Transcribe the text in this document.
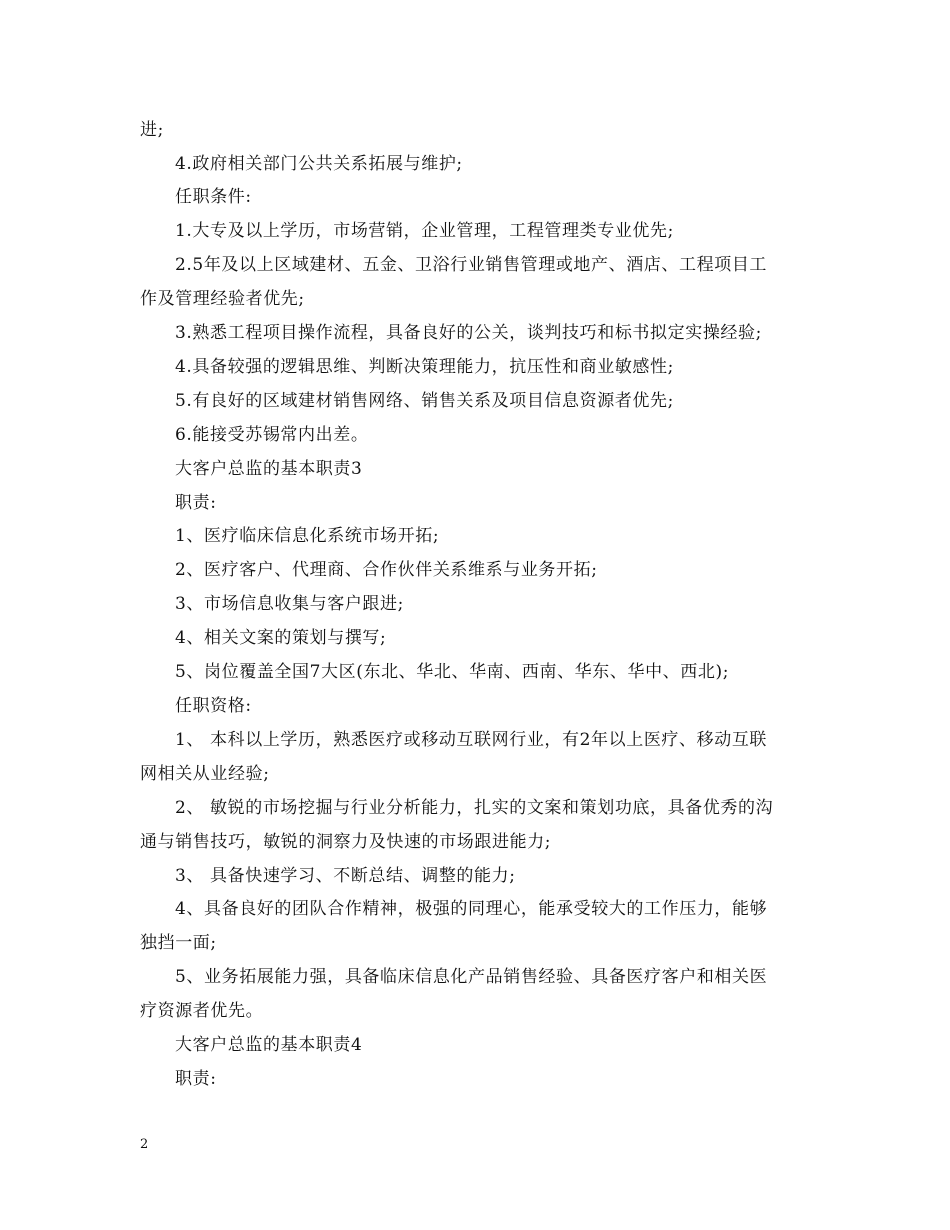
进;
4.政府相关部门公共关系拓展与维护;
任职条件:
1.大专及以上学历，市场营销，企业管理，工程管理类专业优先;
2.5年及以上区域建材、五金、卫浴行业销售管理或地产、酒店、工程项目工
作及管理经验者优先;
3.熟悉工程项目操作流程，具备良好的公关，谈判技巧和标书拟定实操经验;
4.具备较强的逻辑思维、判断决策理能力，抗压性和商业敏感性;
5.有良好的区域建材销售网络、销售关系及项目信息资源者优先;
6.能接受苏锡常内出差。
大客户总监的基本职责3
职责:
1、医疗临床信息化系统市场开拓;
2、医疗客户、代理商、合作伙伴关系维系与业务开拓;
3、市场信息收集与客户跟进;
4、相关文案的策划与撰写;
5、岗位覆盖全国7大区(东北、华北、华南、西南、华东、华中、西北);
任职资格:
1、 本科以上学历，熟悉医疗或移动互联网行业，有2年以上医疗、移动互联
网相关从业经验;
2、 敏锐的市场挖掘与行业分析能力，扎实的文案和策划功底，具备优秀的沟
通与销售技巧，敏锐的洞察力及快速的市场跟进能力;
3、 具备快速学习、不断总结、调整的能力;
4、具备良好的团队合作精神，极强的同理心，能承受较大的工作压力，能够
独挡一面;
5、业务拓展能力强，具备临床信息化产品销售经验、具备医疗客户和相关医
疗资源者优先。
大客户总监的基本职责4
职责:
2
